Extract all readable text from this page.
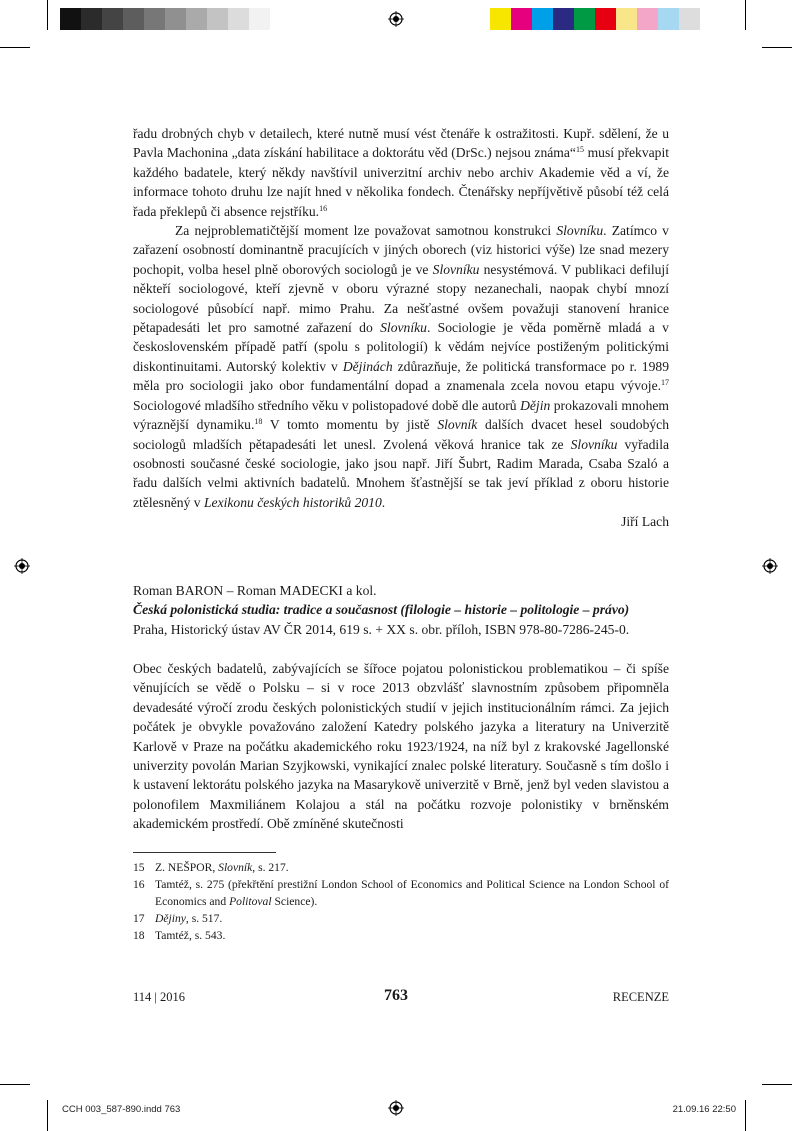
řadu drobných chyb v detailech, které nutně musí vést čtenáře k ostražitosti. Kupř. sdělení, že u Pavla Machonina „data získání habilitace a doktorátu věd (DrSc.) nejsou známa“$^{15}$ musí překvapit každého badatele, který někdy navštívil univerzitní archiv nebo archiv Akademie věd a ví, že informace tohoto druhu lze najít hned v několika fondech. Čtenářsky nepříjvětivě působí též celá řada překlepů či absence rejstříku.$^{16}$

Za nejproblematičtější moment lze považovat samotnou konstrukci Slovníku. Zatímco v zařazení osobností dominantně pracujících v jiných oborech (viz historici výše) lze snad mezery pochopit, volba hesel plně oborových sociologů je ve Slovníku nesystémová. V publikaci defilují někteří sociologové, kteří zjevně v oboru výrazné stopy nezanechali, naopak chybí mnozí sociologové působící např. mimo Prahu. Za nešťastné ovšem považuji stanovení hranice pětapadesáti let pro samotné zařazení do Slovníku. Sociologie je věda poměrně mladá a v československém případě patří (spolu s politologií) k vědám nejvíce postiženým politickými diskontinuitami. Autorský kolektiv v Dějinách zdůrazňuje, že politická transformace po r. 1989 měla pro sociologii jako obor fundamentální dopad a znamenala zcela novou etapu vývoje.$^{17}$ Sociologové mladšího středního věku v polistopadové době dle autorů Dějin prokazovali mnohem výraznější dynamiku.$^{18}$ V tomto momentu by jistě Slovník dalších dvacet hesel soudobých sociologů mladších pětapadesáti let unesl. Zvolená věková hranice tak ze Slovníku vyřadila osobnosti současné české sociologie, jako jsou např. Jiří Šubrt, Radim Marada, Csaba Szaló a řadu dalších velmi aktivních badatelů. Mnohem šťastnější se tak jeví příklad z oboru historie ztělesněný v Lexikonu českých historiků 2010.

Jiří Lach

Roman BARON – Roman MADECKI a kol.

Česká polonistická studia: tradice a současnost (filologie – historie – politologie – právo)

Praha, Historický ústav AV ČR 2014, 619 s. + XX s. obr. příloh, ISBN 978-80-7286-245-0.

Obec českých badatelů, zabývajících se šířoce pojatou polonistickou problematikou – či spíše věnujících se vědě o Polsku – si v roce 2013 obzvlášť slavnostním způsobem připomněla devadesáté výročí zrodu českých polonistických studií v jejich institucionálním rámci. Za jejich počátek je obvykle považováno založení Katedry polského jazyka a literatury na Univerzitě Karlově v Praze na počátku akademického roku 1923/1924, na níž byl z krakovské Jagellonské univerzity povolán Marian Szyjkowski, vynikající znalec polské literatury. Současně s tím došlo i k ustavení lektorátu polského jazyka na Masarykově univerzitě v Brně, jenž byl veden slavistou a polonofilem Maxmiliánem Kolajou a stál na počátku rozvoje polonistiky v brněnském akademickém prostředí. Obě zmíněné skutečnosti

15 Z. NEŠPOR, Slovník, s. 217.
16 Tamtéž, s. 275 (překřtění prestižní London School of Economics and Political Science na London School of Economics and Politoval Science).
17 Dějiny, s. 517.
18 Tamtéž, s. 543.
114 | 2016	763	RECENZE
CCH 003_587-890.indd 763	21.09.16 22:50
